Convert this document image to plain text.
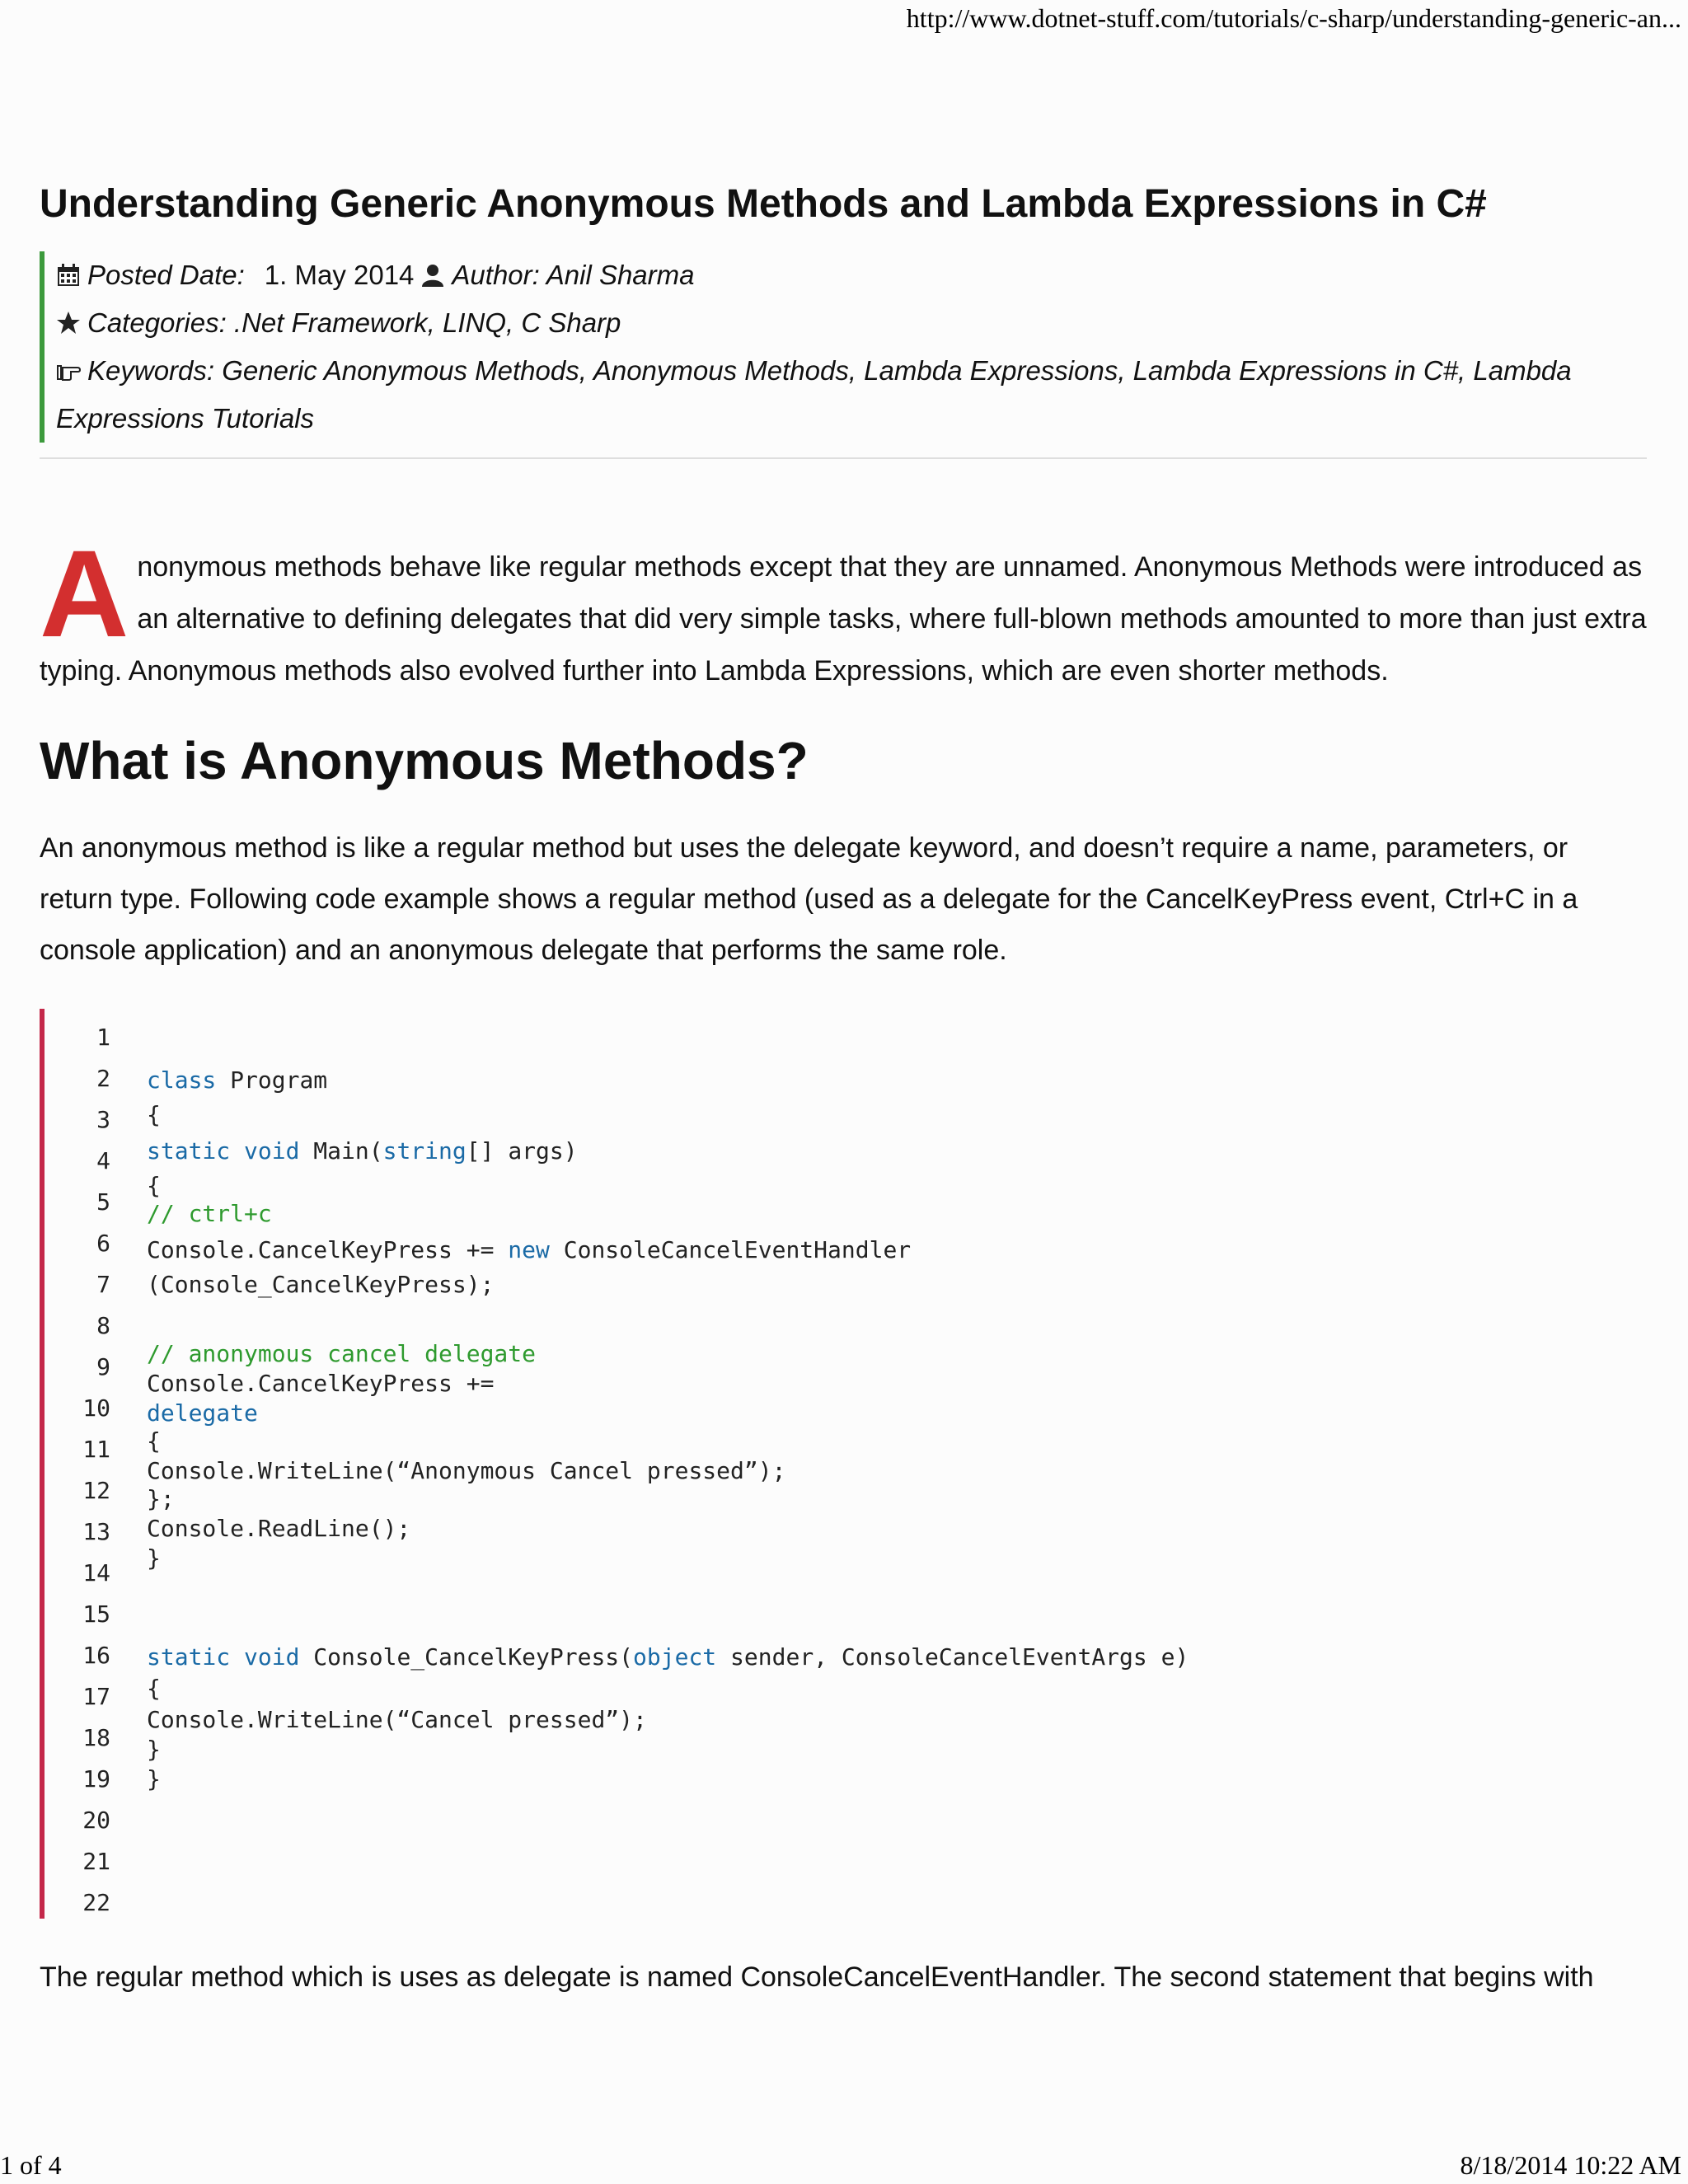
http://www.dotnet-stuff.com/tutorials/c-sharp/understanding-generic-an...
Understanding Generic Anonymous Methods and Lambda Expressions in C#
Posted Date: 1. May 2014 Author: Anil Sharma
Categories: .Net Framework, LINQ, C Sharp
Keywords: Generic Anonymous Methods, Anonymous Methods, Lambda Expressions, Lambda Expressions in C#, Lambda
Expressions Tutorials

Anonymous methods behave like regular methods except that they are unnamed. Anonymous Methods were introduced as an alternative to defining delegates that did very simple tasks, where full-blown methods amounted to more than just extra typing. Anonymous methods also evolved further into Lambda Expressions, which are even shorter methods.

What is Anonymous Methods?

An anonymous method is like a regular method but uses the delegate keyword, and doesn’t require a name, parameters, or return type. Following code example shows a regular method (used as a delegate for the CancelKeyPress event, Ctrl+C in a console application) and an anonymous delegate that performs the same role.

1
2
3
4
5
6
7
8
9
10
11
12
13
14
15
16
17
18
19
20
21
22
class Program
{
static void Main(string[] args)
{
// ctrl+c
Console.CancelKeyPress += new ConsoleCancelEventHandler
(Console_CancelKeyPress);
// anonymous cancel delegate
Console.CancelKeyPress +=
delegate
{
Console.WriteLine(“Anonymous Cancel pressed”);
};
Console.ReadLine();
}
static void Console_CancelKeyPress(object sender, ConsoleCancelEventArgs e)
{
Console.WriteLine(“Cancel pressed”);
}
}

The regular method which is uses as delegate is named ConsoleCancelEventHandler. The second statement that begins with

1 of 4	8/18/2014 10:22 AM
